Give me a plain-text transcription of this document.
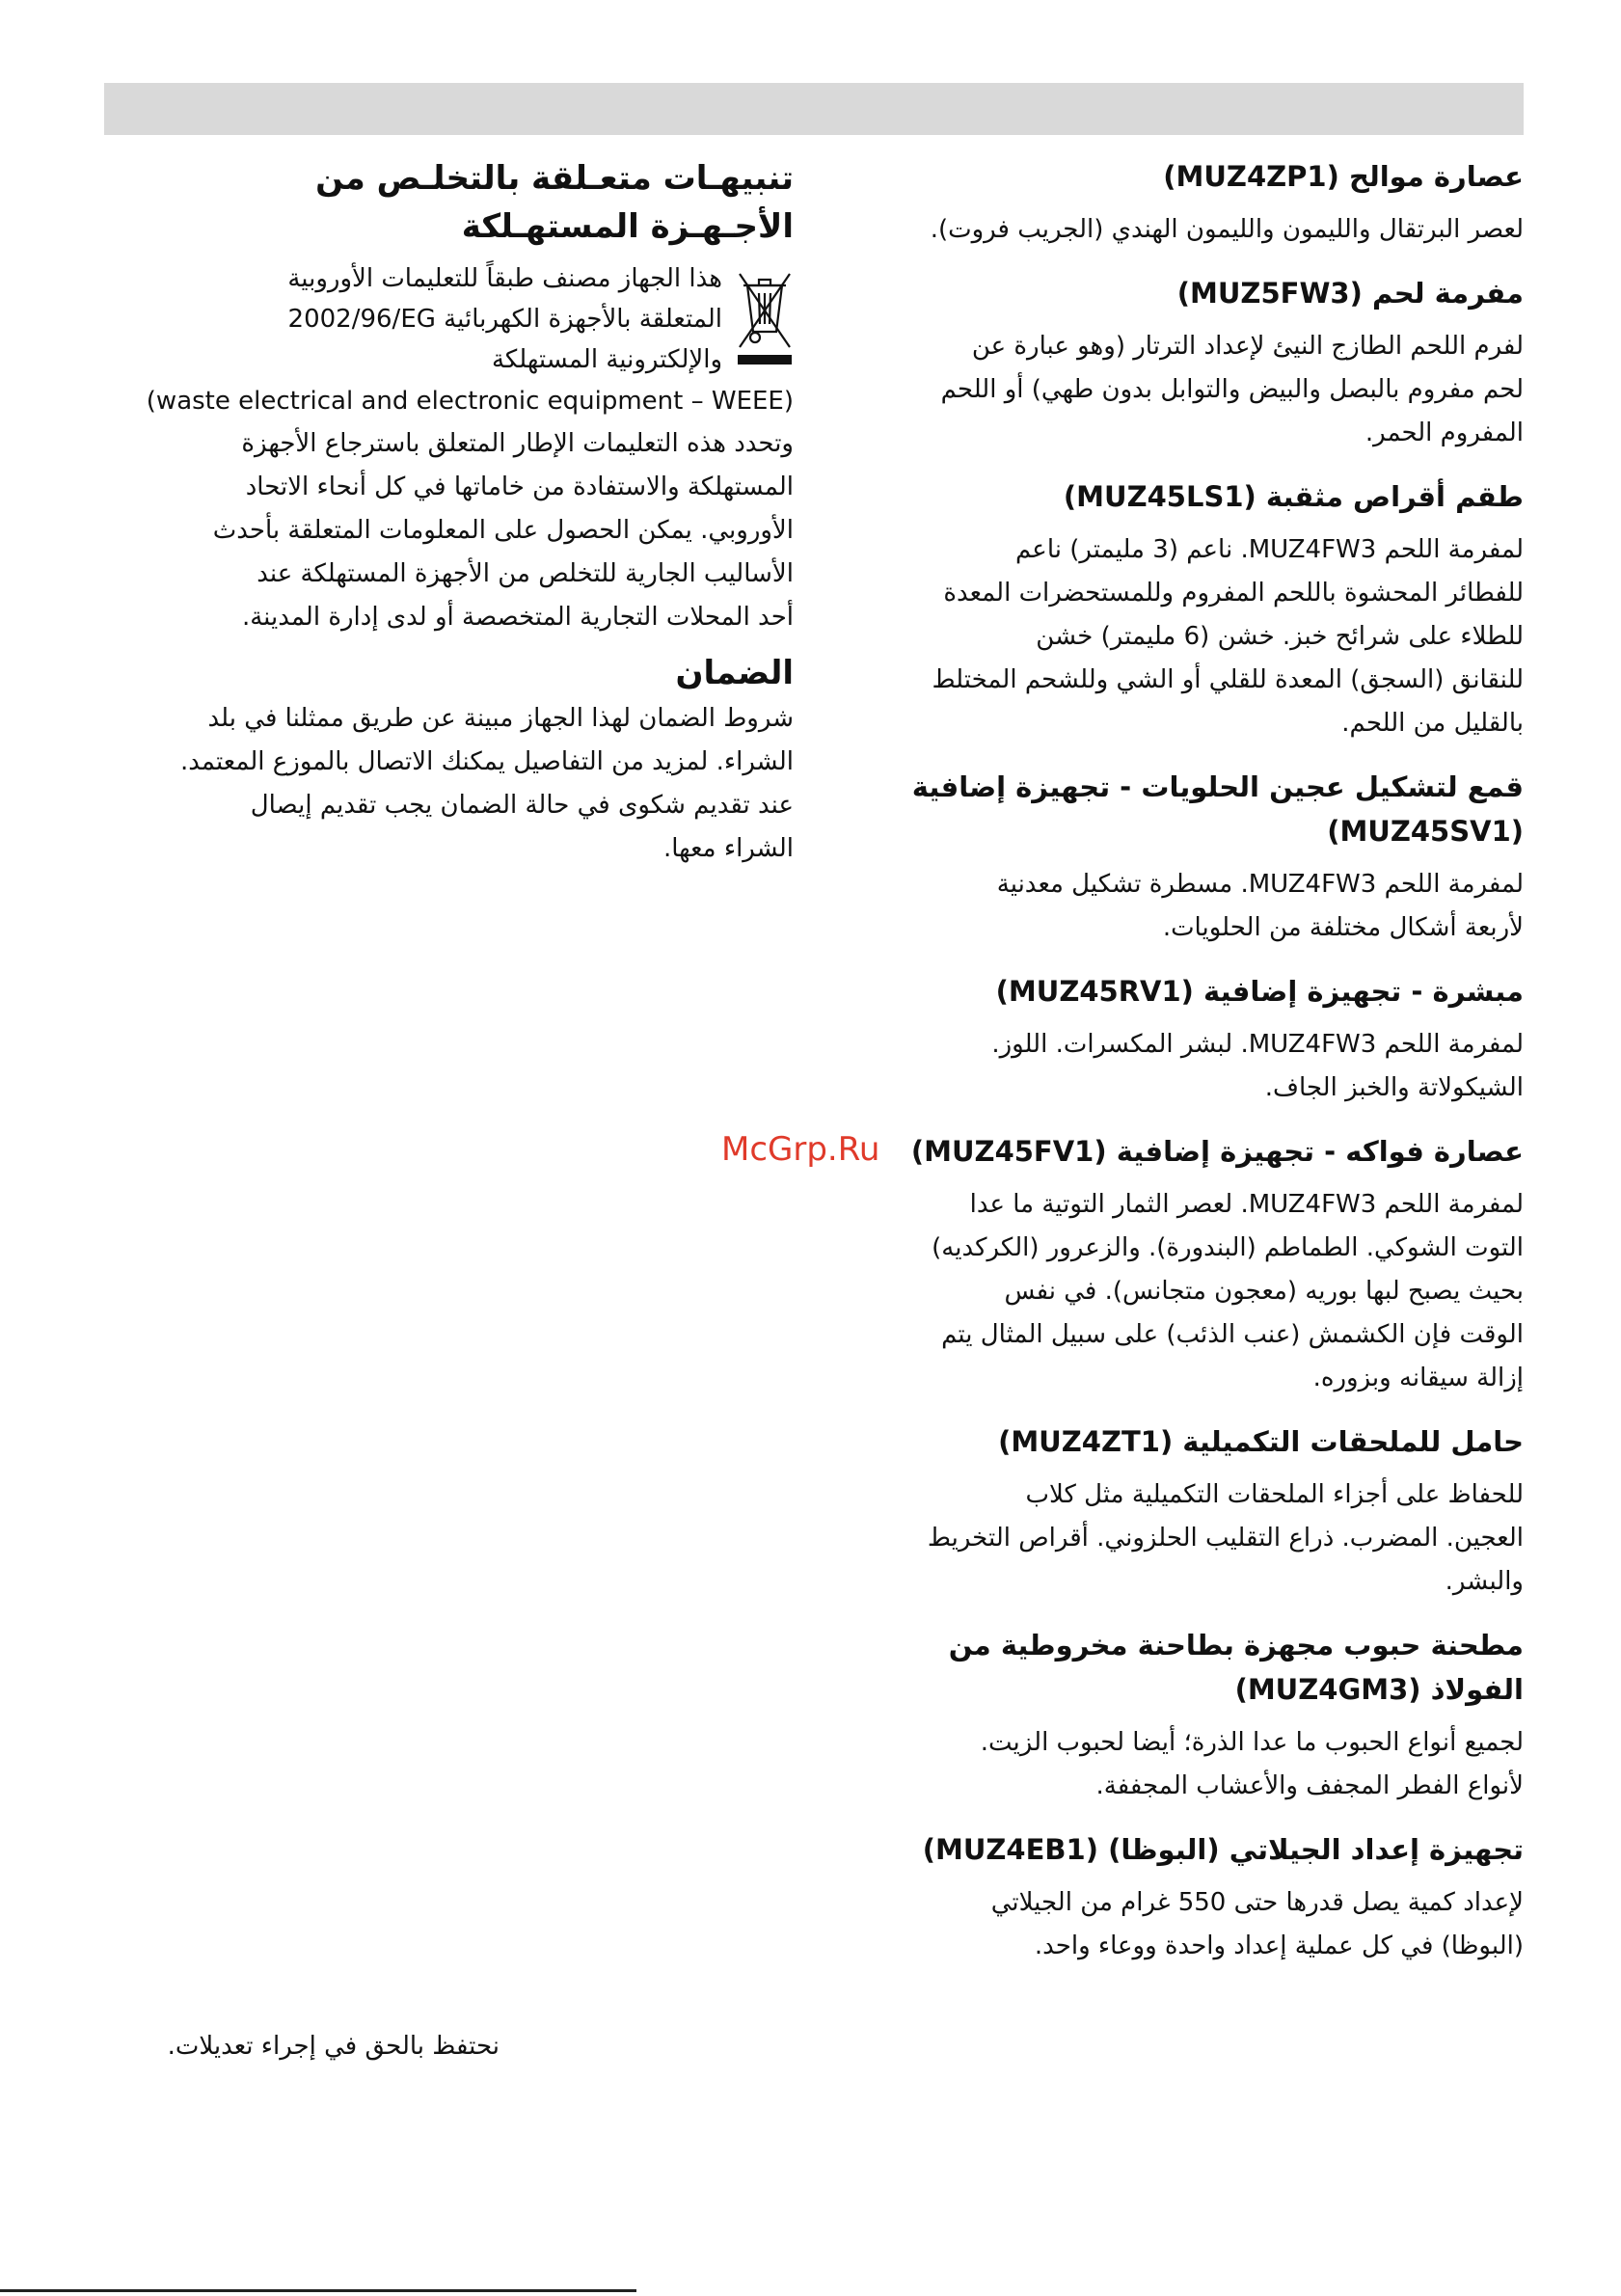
عصارة موالح (MUZ4ZP1)
لعصر البرتقال والليمون والليمون الهندي (الجريب فروت).
مفرمة لحم (MUZ5FW3)
لفرم اللحم الطازج النيئ لإعداد الترتار (وهو عبارة عن
لحم مفروم بالبصل والبيض والتوابل بدون طهي) أو اللحم
المفروم الحمر.
طقم أقراص مثقبة (MUZ45LS1)
لمفرمة اللحم MUZ4FW3. ناعم (3 مليمتر) ناعم
للفطائر المحشوة باللحم المفروم وللمستحضرات المعدة
للطلاء على شرائح خبز. خشن (6 مليمتر) خشن
للنقانق (السجق) المعدة للقلي أو الشي وللشحم المختلط
بالقليل من اللحم.
قمع لتشكيل عجين الحلويات - تجهيزة إضافية
(MUZ45SV1)
لمفرمة اللحم MUZ4FW3. مسطرة تشكيل معدنية
لأربعة أشكال مختلفة من الحلويات.
مبشرة - تجهيزة إضافية (MUZ45RV1)
لمفرمة اللحم MUZ4FW3. لبشر المكسرات. اللوز.
الشيكولاتة والخبز الجاف.
عصارة فواكه - تجهيزة إضافية (MUZ45FV1)
لمفرمة اللحم MUZ4FW3. لعصر الثمار التوتية ما عدا
التوت الشوكي. الطماطم (البندورة). والزعرور (الكركديه)
بحيث يصبح لبها بوريه (معجون متجانس). في نفس
الوقت فإن الكشمش (عنب الذئب) على سبيل المثال يتم
إزالة سيقانه وبزوره.
حامل للملحقات التكميلية (MUZ4ZT1)
للحفاظ على أجزاء الملحقات التكميلية مثل كلاب
العجين. المضرب. ذراع التقليب الحلزوني. أقراص التخريط
والبشر.
مطحنة حبوب مجهزة بطاحنة مخروطية من
الفولاذ (MUZ4GM3)
لجميع أنواع الحبوب ما عدا الذرة؛ أيضا لحبوب الزيت.
لأنواع الفطر المجفف والأعشاب المجففة.
تجهيزة إعداد الجيلاتي (البوظا) (MUZ4EB1)
لإعداد كمية يصل قدرها حتى 550 غرام من الجيلاتي
(البوظا) في كل عملية إعداد واحدة ووعاء واحد.
تنبيهـات متعـلقة بالتخلـص من
الأجـهـزة المستهـلكة
هذا الجهاز مصنف طبقاً للتعليمات الأوروبية
2002/96/EG المتعلقة بالأجهزة الكهربائية
والإلكترونية المستهلكة
(waste electrical and electronic equipment – WEEE)
وتحدد هذه التعليمات الإطار المتعلق باسترجاع الأجهزة
المستهلكة والاستفادة من خاماتها في كل أنحاء الاتحاد
الأوروبي. يمكن الحصول على المعلومات المتعلقة بأحدث
الأساليب الجارية للتخلص من الأجهزة المستهلكة عند
أحد المحلات التجارية المتخصصة أو لدى إدارة المدينة.
الضمان
شروط الضمان لهذا الجهاز مبينة عن طريق ممثلنا في بلد
الشراء. لمزيد من التفاصيل يمكنك الاتصال بالموزع المعتمد.
عند تقديم شكوى في حالة الضمان يجب تقديم إيصال
الشراء معها.
McGrp.Ru
نحتفظ بالحق في إجراء تعديلات.
